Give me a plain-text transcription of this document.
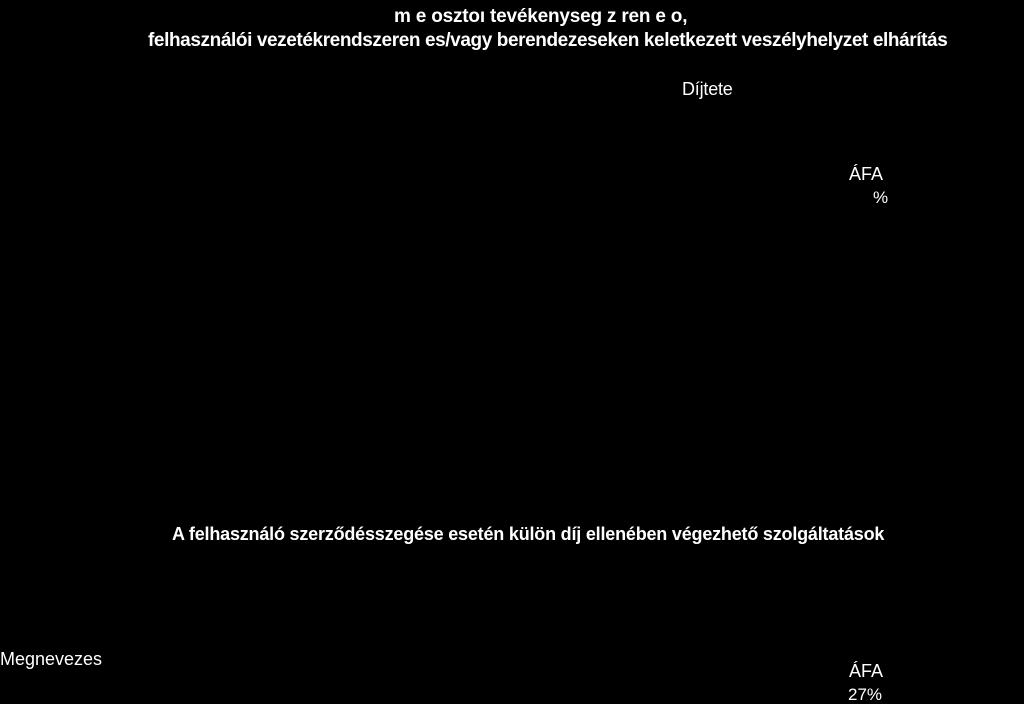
m e osztoı tevékenyseg z ren e o,
felhasználói vezetékrendszeren es/vagy berendezeseken keletkezett veszélyhelyzet elhárítás
Díjtete
ÁFA
%
A felhasználó szerződésszegése esetén külön díj ellenében végezhető szolgáltatások
Megnevezes
ÁFA
27%
